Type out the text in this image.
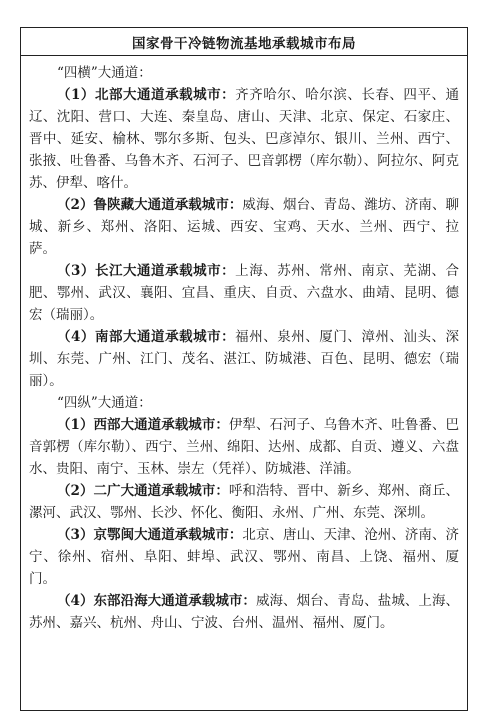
国家骨干冷链物流基地承载城市布局
“四横”大通道：

（1）北部大通道承载城市：齐齐哈尔、哈尔滨、长春、四平、通辽、沈阳、营口、大连、秦皇岛、唐山、天津、北京、保定、石家庄、晋中、延安、榆林、鄂尔多斯、包头、巴彦淖尔、银川、兰州、西宁、张掖、吐鲁番、乌鲁木齐、石河子、巴音郭楞（库尔勒）、阿拉尔、阿克苏、伊犁、喀什。

（2）鲁陕藏大通道承载城市：威海、烟台、青岛、潍坊、济南、聊城、新乡、郑州、洛阳、运城、西安、宝鸡、天水、兰州、西宁、拉萨。

（3）长江大通道承载城市：上海、苏州、常州、南京、芜湖、合肥、鄂州、武汉、襄阳、宜昌、重庆、自贡、六盘水、曲靖、昆明、德宏（瑞丽）。

（4）南部大通道承载城市：福州、泉州、厦门、漳州、汕头、深圳、东莞、广州、江门、茂名、湛江、防城港、百色、昆明、德宏（瑞丽）。

“四纵”大通道：

（1）西部大通道承载城市：伊犁、石河子、乌鲁木齐、吐鲁番、巴音郭楞（库尔勒）、西宁、兰州、绵阳、达州、成都、自贡、遵义、六盘水、贵阳、南宁、玉林、崇左（凭祥）、防城港、洋浦。

（2）二广大通道承载城市：呼和浩特、晋中、新乡、郑州、商丘、漯河、武汉、鄂州、长沙、怀化、衡阳、永州、广州、东莞、深圳。

（3）京鄂闽大通道承载城市：北京、唐山、天津、沧州、济南、济宁、徐州、宿州、阜阳、蚌埠、武汉、鄂州、南昌、上饶、福州、厦门。

（4）东部沿海大通道承载城市：威海、烟台、青岛、盐城、上海、苏州、嘉兴、杭州、舟山、宁波、台州、温州、福州、厦门。
